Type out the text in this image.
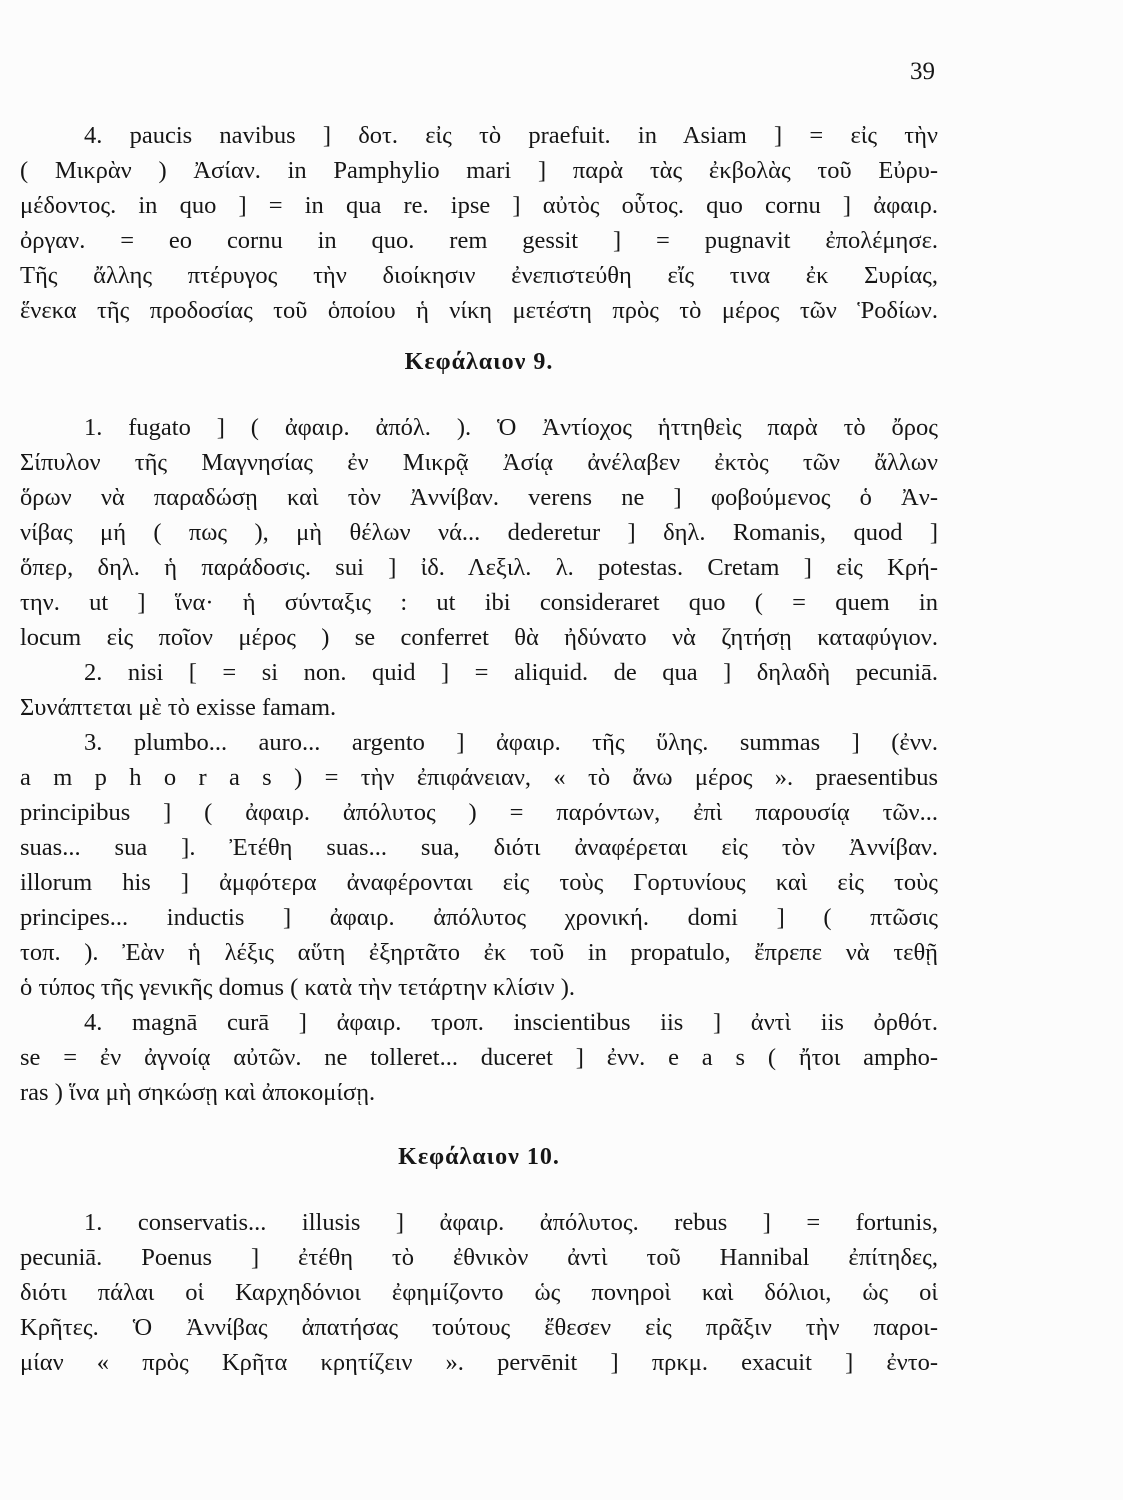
39
4. paucis navibus ] δοτ. εἰς τὸ praefuit. in Asiam ] = εἰς τὴν
( Μικρὰν ) Ἀσίαν. in Pamphylio mari ] παρὰ τὰς ἐκβολὰς τοῦ Εὐρυ-
μέδοντος. in quo ] = in qua re. ipse ] αὐτὸς οὗτος. quo cornu ] ἀφαιρ.
ὀργαν. = eo cornu in quo. rem gessit ] = pugnavit ἐπολέμησε.
Τῆς ἄλλης πτέρυγος τὴν διοίκησιν ἐνεπιστεύθη εἴς τινα ἐκ Συρίας,
ἕνεκα τῆς προδοσίας τοῦ ὁποίου ἡ νίκη μετέστη πρὸς τὸ μέρος τῶν Ῥοδίων.
Κεφάλαιον 9.
1. fugato ] ( ἀφαιρ. ἀπόλ. ). Ὁ Ἀντίοχος ἡττηθεὶς παρὰ τὸ ὄρος
Σίπυλον τῆς Μαγνησίας ἐν Μικρᾷ Ἀσίᾳ ἀνέλαβεν ἐκτὸς τῶν ἄλλων
ὅρων νὰ παραδώσῃ καὶ τὸν Ἀννίβαν. verens ne ] φοβούμενος ὁ Ἀν-
νίβας μή ( πως ), μὴ θέλων νά... dederetur ] δηλ. Romanis, quod ]
ὅπερ, δηλ. ἡ παράδοσις. sui ] ἰδ. Λεξιλ. λ. potestas. Cretam ] εἰς Κρή-
την. ut ] ἵνα· ἡ σύνταξις : ut ibi consideraret quo ( = quem in
locum εἰς ποῖον μέρος ) se conferret θὰ ἠδύνατο νὰ ζητήσῃ καταφύγιον.
2. nisi [ = si non. quid ] = aliquid. de qua ] δηλαδὴ pecuniā.
Συνάπτεται μὲ τὸ exisse famam.
3. plumbo... auro... argento ] ἀφαιρ. τῆς ὕλης. summas ] (ἐνν.
a m p h o r a s ) = τὴν ἐπιφάνειαν, « τὸ ἄνω μέρος ». praesentibus
principibus ] ( ἀφαιρ. ἀπόλυτος ) = παρόντων, ἐπὶ παρουσίᾳ τῶν...
suas... sua ]. Ἐτέθη suas... sua, διότι ἀναφέρεται εἰς τὸν Ἀννίβαν.
illorum his ] ἀμφότερα ἀναφέρονται εἰς τοὺς Γορτυνίους καὶ εἰς τοὺς
principes... inductis ] ἀφαιρ. ἀπόλυτος χρονική. domi ] ( πτῶσις
τοπ. ). Ἐὰν ἡ λέξις αὕτη ἐξηρτᾶτο ἐκ τοῦ in propatulo, ἔπρεπε νὰ τεθῇ
ὁ τύπος τῆς γενικῆς domus ( κατὰ τὴν τετάρτην κλίσιν ).
4. magnā curā ] ἀφαιρ. τροπ. inscientibus iis ] ἀντὶ iis ὀρθότ.
se = ἐν ἀγνοίᾳ αὐτῶν. ne tolleret... duceret ] ἐνν. e a s ( ἤτοι ampho-
ras ) ἵνα μὴ σηκώσῃ καὶ ἀποκομίσῃ.
Κεφάλαιον 10.
1. conservatis... illusis ] ἀφαιρ. ἀπόλυτος. rebus ] = fortunis,
pecuniā. Poenus ] ἐτέθη τὸ ἐθνικὸν ἀντὶ τοῦ Hannibal ἐπίτηδες,
διότι πάλαι οἱ Καρχηδόνιοι ἐφημίζοντο ὡς πονηροὶ καὶ δόλιοι, ὡς οἱ
Κρῆτες. Ὁ Ἀννίβας ἀπατήσας τούτους ἔθεσεν εἰς πρᾶξιν τὴν παροι-
μίαν « πρὸς Κρῆτα κρητίζειν ». pervēnit ] πρκμ. exacuit ] ἐντο-
